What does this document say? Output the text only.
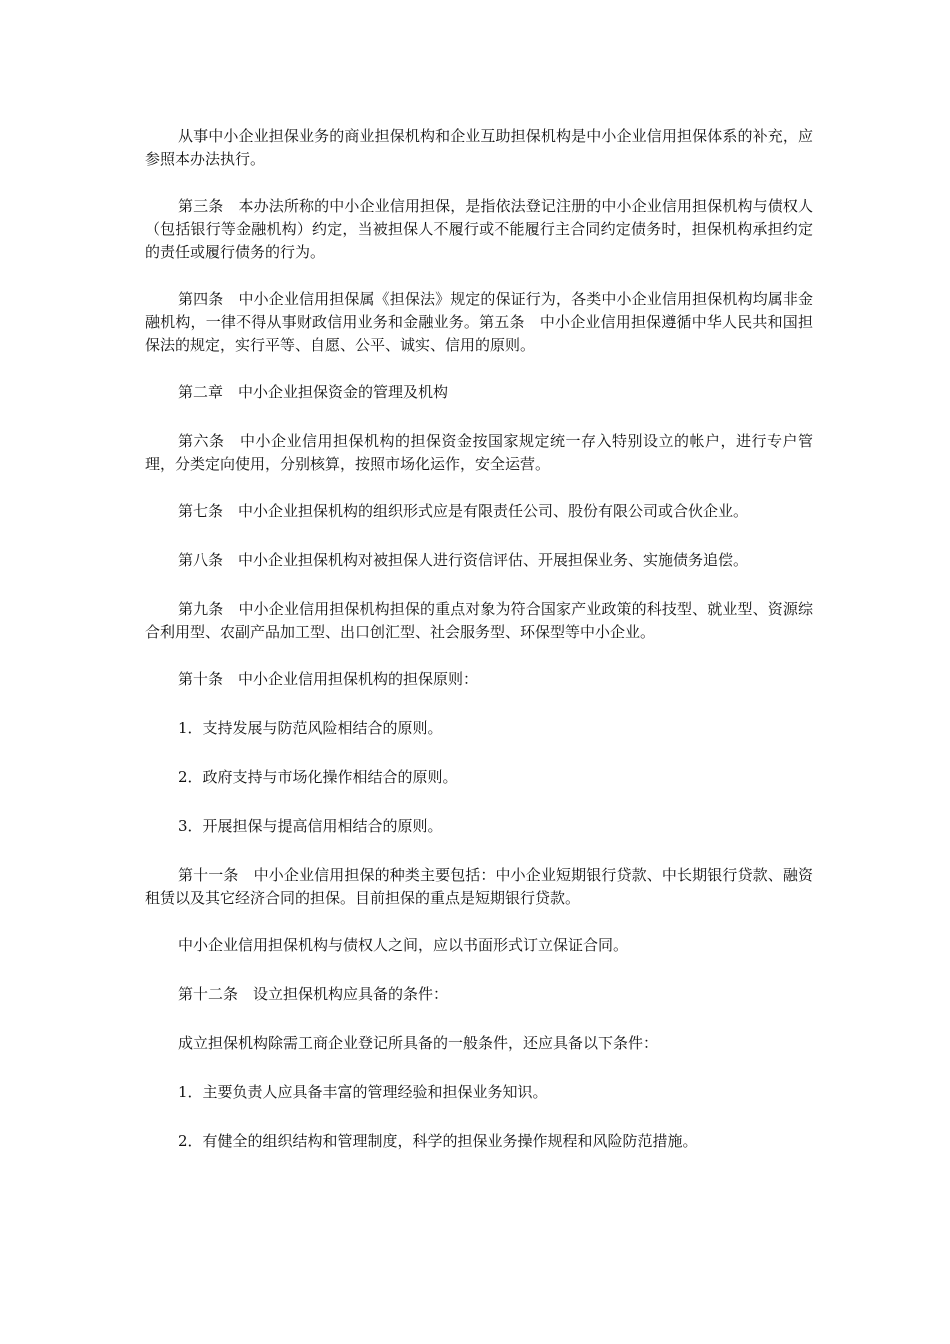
从事中小企业担保业务的商业担保机构和企业互助担保机构是中小企业信用担保体系的补充，应参照本办法执行。

第三条　本办法所称的中小企业信用担保，是指依法登记注册的中小企业信用担保机构与债权人（包括银行等金融机构）约定，当被担保人不履行或不能履行主合同约定债务时，担保机构承担约定的责任或履行债务的行为。

第四条　中小企业信用担保属《担保法》规定的保证行为，各类中小企业信用担保机构均属非金融机构，一律不得从事财政信用业务和金融业务。第五条　中小企业信用担保遵循中华人民共和国担保法的规定，实行平等、自愿、公平、诚实、信用的原则。

第二章　中小企业担保资金的管理及机构

第六条　中小企业信用担保机构的担保资金按国家规定统一存入特别设立的帐户，进行专户管理，分类定向使用，分别核算，按照市场化运作，安全运营。

第七条　中小企业担保机构的组织形式应是有限责任公司、股份有限公司或合伙企业。

第八条　中小企业担保机构对被担保人进行资信评估、开展担保业务、实施债务追偿。

第九条　中小企业信用担保机构担保的重点对象为符合国家产业政策的科技型、就业型、资源综合利用型、农副产品加工型、出口创汇型、社会服务型、环保型等中小企业。

第十条　中小企业信用担保机构的担保原则：

1．支持发展与防范风险相结合的原则。

2．政府支持与市场化操作相结合的原则。

3．开展担保与提高信用相结合的原则。

第十一条　中小企业信用担保的种类主要包括：中小企业短期银行贷款、中长期银行贷款、融资租赁以及其它经济合同的担保。目前担保的重点是短期银行贷款。

中小企业信用担保机构与债权人之间，应以书面形式订立保证合同。

第十二条　设立担保机构应具备的条件：

成立担保机构除需工商企业登记所具备的一般条件，还应具备以下条件：

1．主要负责人应具备丰富的管理经验和担保业务知识。

2．有健全的组织结构和管理制度，科学的担保业务操作规程和风险防范措施。
